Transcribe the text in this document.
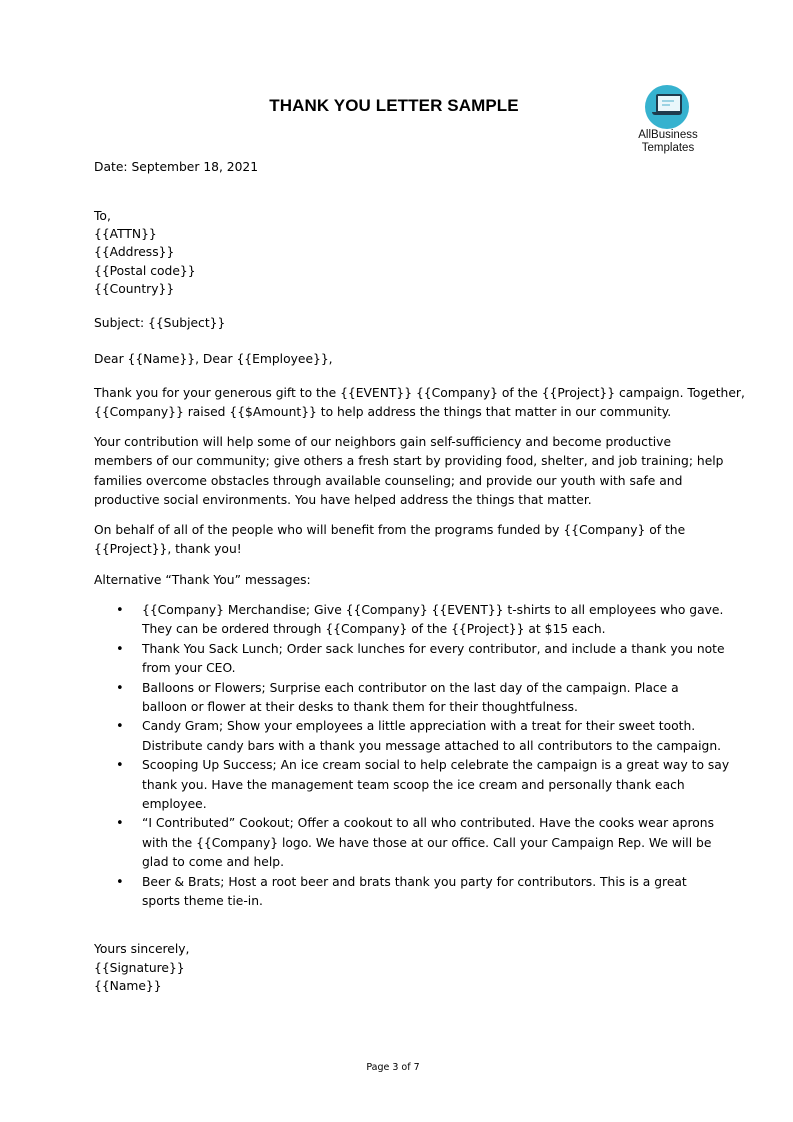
THANK YOU LETTER SAMPLE
AllBusiness
Templates
Date: September 18, 2021
To,
{{ATTN}}
{{Address}}
{{Postal code}}
{{Country}}
Subject: {{Subject}}
Dear {{Name}}, Dear {{Employee}},
Thank you for your generous gift to the {{EVENT}} {{Company} of the {{Project}} campaign. Together,
{{Company}} raised {{$Amount}} to help address the things that matter in our community.
Your contribution will help some of our neighbors gain self-sufficiency and become productive
members of our community; give others a fresh start by providing food, shelter, and job training; help
families overcome obstacles through available counseling; and provide our youth with safe and
productive social environments. You have helped address the things that matter.
On behalf of all of the people who will benefit from the programs funded by {{Company} of the
{{Project}}, thank you!
Alternative “Thank You” messages:
• {{Company} Merchandise; Give {{Company} {{EVENT}} t-shirts to all employees who gave.
They can be ordered through {{Company} of the {{Project}} at $15 each.
• Thank You Sack Lunch; Order sack lunches for every contributor, and include a thank you note
from your CEO.
• Balloons or Flowers; Surprise each contributor on the last day of the campaign. Place a
balloon or flower at their desks to thank them for their thoughtfulness.
• Candy Gram; Show your employees a little appreciation with a treat for their sweet tooth.
Distribute candy bars with a thank you message attached to all contributors to the campaign.
• Scooping Up Success; An ice cream social to help celebrate the campaign is a great way to say
thank you. Have the management team scoop the ice cream and personally thank each
employee.
• “I Contributed” Cookout; Offer a cookout to all who contributed. Have the cooks wear aprons
with the {{Company} logo. We have those at our office. Call your Campaign Rep. We will be
glad to come and help.
• Beer & Brats; Host a root beer and brats thank you party for contributors. This is a great
sports theme tie-in.
Yours sincerely,
{{Signature}}
{{Name}}
Page 3 of 7
